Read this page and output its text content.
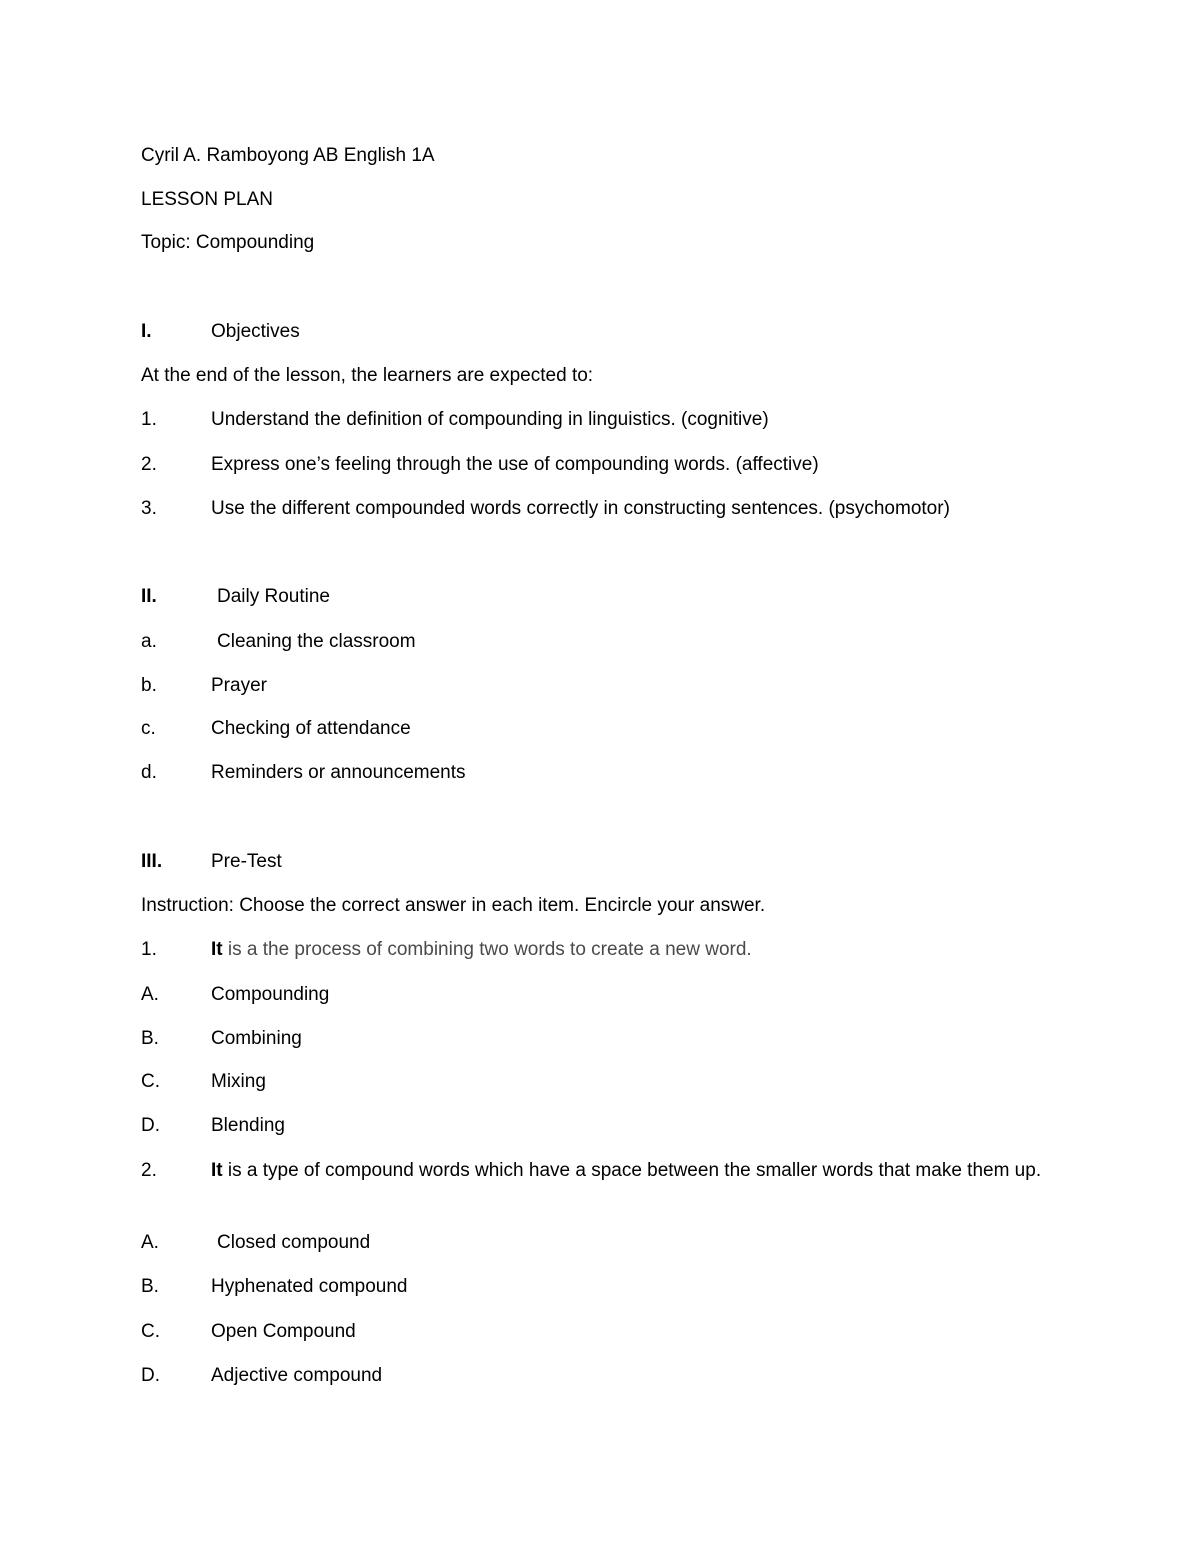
Cyril A. Ramboyong AB English 1A
LESSON PLAN
Topic: Compounding
I.	Objectives
At the end of the lesson, the learners are expected to:
1.	Understand the definition of compounding in linguistics. (cognitive)
2.	Express one’s feeling through the use of compounding words. (affective)
3.	Use the different compounded words correctly in constructing sentences. (psychomotor)
II.	Daily Routine
a.	Cleaning the classroom
b.	Prayer
c.	Checking of attendance
d.	Reminders or announcements
III.	Pre-Test
Instruction: Choose the correct answer in each item. Encircle your answer.
1.	It is a the process of combining two words to create a new word.
A.	Compounding
B.	Combining
C.	Mixing
D.	Blending
2.	It is a type of compound words which have a space between the smaller words that make them up.
A.	Closed compound
B.	Hyphenated compound
C.	Open Compound
D.	Adjective compound
